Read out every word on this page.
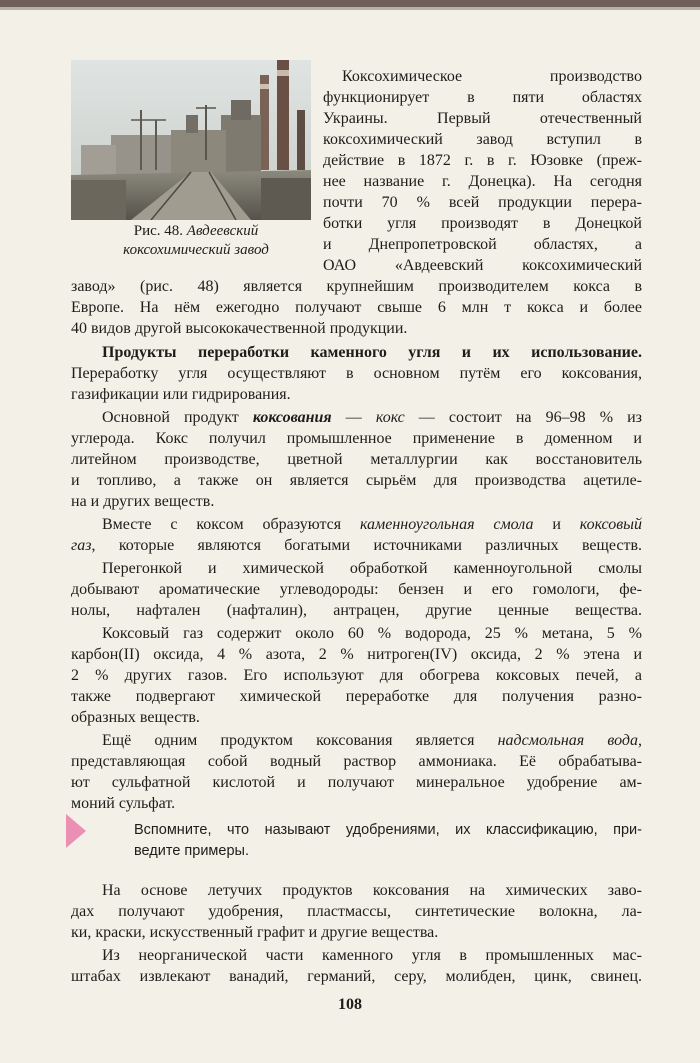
Рис. 48. Авдеевский
коксохимический завод
Коксохимическое производство
функционирует в пяти областях
Украины. Первый отечественный
коксохимический завод вступил в
действие в 1872 г. в г. Юзовке (преж-
нее название г. Донецка). На сегодня
почти 70 % всей продукции перера-
ботки угля производят в Донецкой
и Днепропетровской областях, а
ОАО «Авдеевский коксохимический
завод» (рис. 48) является крупнейшим производителем кокса в
Европе. На нём ежегодно получают свыше 6 млн т кокса и более
40 видов другой высококачественной продукции.
Продукты переработки каменного угля и их использование.
Переработку угля осуществляют в основном путём его коксования,
газификации или гидрирования.
Основной продукт коксования — кокс — состоит на 96–98 % из
углерода. Кокс получил промышленное применение в доменном и
литейном производстве, цветной металлургии как восстановитель
и топливо, а также он является сырьём для производства ацетиле-
на и других веществ.
Вместе с коксом образуются каменноугольная смола и коксовый
газ, которые являются богатыми источниками различных веществ.
Перегонкой и химической обработкой каменноугольной смолы
добывают ароматические углеводороды: бензен и его гомологи, фе-
нолы, нафтален (нафталин), антрацен, другие ценные вещества.
Коксовый газ содержит около 60 % водорода, 25 % метана, 5 %
карбон(II) оксида, 4 % азота, 2 % нитроген(IV) оксида, 2 % этена и
2 % других газов. Его используют для обогрева коксовых печей, а
также подвергают химической переработке для получения разно-
образных веществ.
Ещё одним продуктом коксования является надсмольная вода,
представляющая собой водный раствор аммониака. Её обрабатыва-
ют сульфатной кислотой и получают минеральное удобрение ам-
моний сульфат.
Вспомните, что называют удобрениями, их классификацию, при-
ведите примеры.
На основе летучих продуктов коксования на химических заво-
дах получают удобрения, пластмассы, синтетические волокна, ла-
ки, краски, искусственный графит и другие вещества.
Из неорганической части каменного угля в промышленных мас-
штабах извлекают ванадий, германий, серу, молибден, цинк, свинец.
108
